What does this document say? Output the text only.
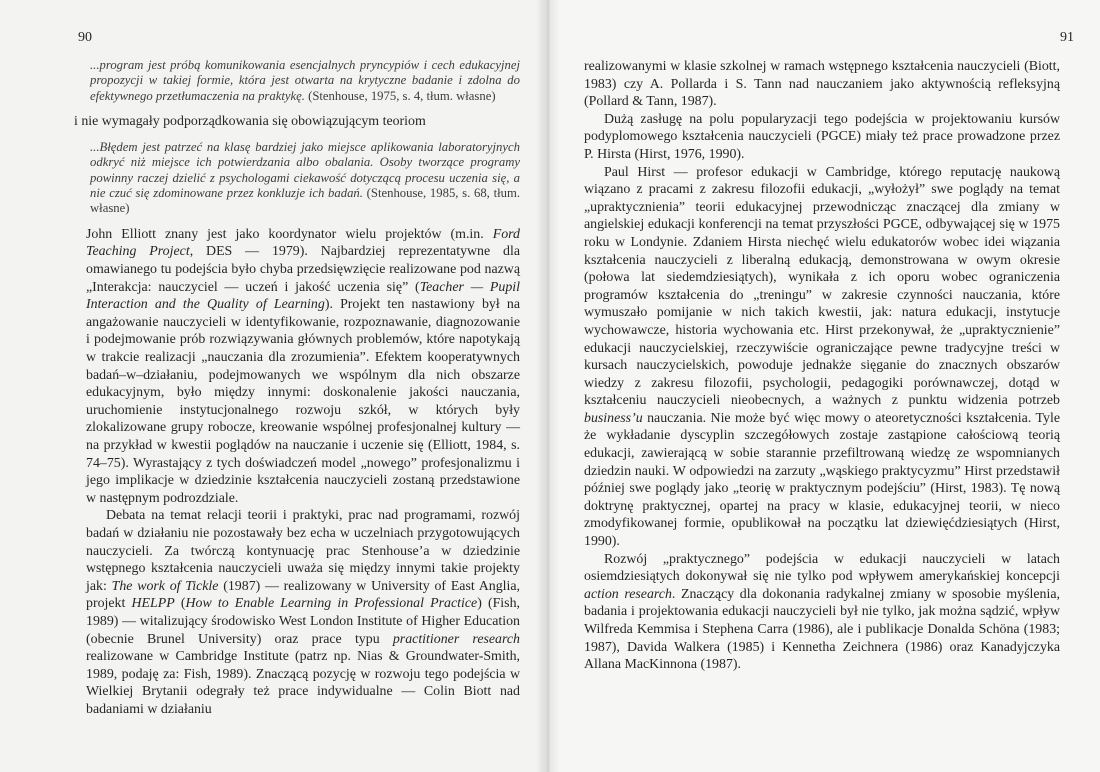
90

...program jest próbą komunikowania esencjalnych pryncypiów i cech edukacyjnej propozycji w takiej formie, która jest otwarta na krytyczne badanie i zdolna do efektywnego przetłumaczenia na praktykę. (Stenhouse, 1975, s. 4, tłum. własne)

i nie wymagały podporządkowania się obowiązującym teoriom

...Błędem jest patrzeć na klasę bardziej jako miejsce aplikowania laboratoryjnych odkryć niż miejsce ich potwierdzania albo obalania. Osoby tworzące programy powinny raczej dzielić z psychologami ciekawość dotyczącą procesu uczenia się, a nie czuć się zdominowane przez konkluzje ich badań. (Stenhouse, 1985, s. 68, tłum. własne)

John Elliott znany jest jako koordynator wielu projektów (m.in. Ford Teaching Project, DES — 1979). Najbardziej reprezentatywne dla omawianego tu podejścia było chyba przedsięwzięcie realizowane pod nazwą „Interakcja: nauczyciel — uczeń i jakość uczenia się” (Teacher — Pupil Interaction and the Quality of Learning). Projekt ten nastawiony był na angażowanie nauczycieli w identyfikowanie, rozpoznawanie, diagnozowanie i podejmowanie prób rozwiązywania głównych problemów, które napotykają w trakcie realizacji „nauczania dla zrozumienia”. Efektem kooperatywnych badań–w–działaniu, podejmowanych we wspólnym dla nich obszarze edukacyjnym, było między innymi: doskonalenie jakości nauczania, uruchomienie instytucjonalnego rozwoju szkół, w których były zlokalizowane grupy robocze, kreowanie wspólnej profesjonalnej kultury — na przykład w kwestii poglądów na nauczanie i uczenie się (Elliott, 1984, s. 74–75). Wyrastający z tych doświadczeń model „nowego” profesjonalizmu i jego implikacje w dziedzinie kształcenia nauczycieli zostaną przedstawione w następnym podrozdziale.

Debata na temat relacji teorii i praktyki, prac nad programami, rozwój badań w działaniu nie pozostawały bez echa w uczelniach przygotowujących nauczycieli. Za twórczą kontynuację prac Stenhouse’a w dziedzinie wstępnego kształcenia nauczycieli uważa się między innymi takie projekty jak: The work of Tickle (1987) — realizowany w University of East Anglia, projekt HELPP (How to Enable Learning in Professional Practice) (Fish, 1989) — witalizujący środowisko West London Institute of Higher Education (obecnie Brunel University) oraz prace typu practitioner research realizowane w Cambridge Institute (patrz np. Nias & Groundwater-Smith, 1989, podaję za: Fish, 1989). Znaczącą pozycję w rozwoju tego podejścia w Wielkiej Brytanii odegrały też prace indywidualne — Colin Biott nad badaniami w działaniu

91

realizowanymi w klasie szkolnej w ramach wstępnego kształcenia nauczycieli (Biott, 1983) czy A. Pollarda i S. Tann nad nauczaniem jako aktywnością refleksyjną (Pollard & Tann, 1987).

Dużą zasługę na polu popularyzacji tego podejścia w projektowaniu kursów podyplomowego kształcenia nauczycieli (PGCE) miały też prace prowadzone przez P. Hirsta (Hirst, 1976, 1990).

Paul Hirst — profesor edukacji w Cambridge, którego reputację naukową wiązano z pracami z zakresu filozofii edukacji, „wyłożył” swe poglądy na temat „upraktycznienia” teorii edukacyjnej przewodnicząc znaczącej dla zmiany w angielskiej edukacji konferencji na temat przyszłości PGCE, odbywającej się w 1975 roku w Londynie. Zdaniem Hirsta niechęć wielu edukatorów wobec idei wiązania kształcenia nauczycieli z liberalną edukacją, demonstrowana w owym okresie (połowa lat siedemdziesiątych), wynikała z ich oporu wobec ograniczenia programów kształcenia do „treningu” w zakresie czynności nauczania, które wymuszało pomijanie w nich takich kwestii, jak: natura edukacji, instytucje wychowawcze, historia wychowania etc. Hirst przekonywał, że „upraktycznienie” edukacji nauczycielskiej, rzeczywiście ograniczające pewne tradycyjne treści w kursach nauczycielskich, powoduje jednakże sięganie do znacznych obszarów wiedzy z zakresu filozofii, psychologii, pedagogiki porównawczej, dotąd w kształceniu nauczycieli nieobecnych, a ważnych z punktu widzenia potrzeb business’u nauczania. Nie może być więc mowy o ateoretyczności kształcenia. Tyle że wykładanie dyscyplin szczegółowych zostaje zastąpione całościową teorią edukacji, zawierającą w sobie starannie przefiltrowaną wiedzę ze wspomnianych dziedzin nauki. W odpowiedzi na zarzuty „wąskiego praktycyzmu” Hirst przedstawił później swe poglądy jako „teorię w praktycznym podejściu” (Hirst, 1983). Tę nową doktrynę praktycznej, opartej na pracy w klasie, edukacyjnej teorii, w nieco zmodyfikowanej formie, opublikował na początku lat dziewięćdziesiątych (Hirst, 1990).

Rozwój „praktycznego” podejścia w edukacji nauczycieli w latach osiemdziesiątych dokonywał się nie tylko pod wpływem amerykańskiej koncepcji action research. Znaczący dla dokonania radykalnej zmiany w sposobie myślenia, badania i projektowania edukacji nauczycieli był nie tylko, jak można sądzić, wpływ Wilfreda Kemmisa i Stephena Carra (1986), ale i publikacje Donalda Schöna (1983; 1987), Davida Walkera (1985) i Kennetha Zeichnera (1986) oraz Kanadyjczyka Allana MacKinnona (1987).
